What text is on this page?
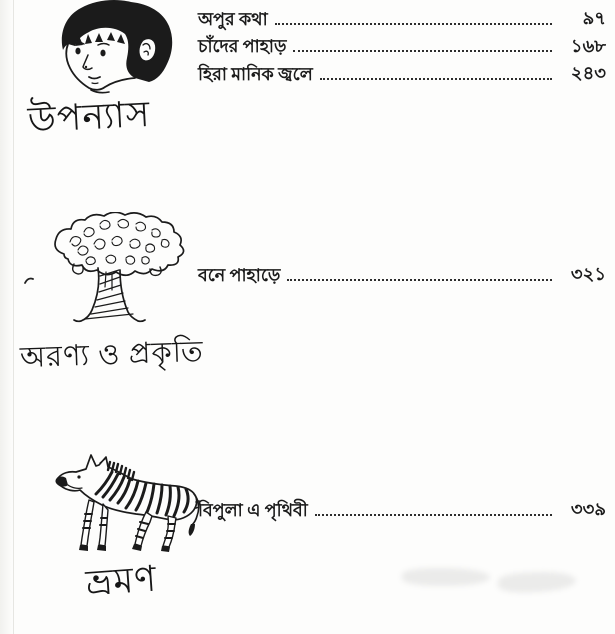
উপন্যাস
অপুর কথা	৯৭
চাঁদের পাহাড়	১৬৮
হিরা মানিক জ্বলে	২৪৩
অরণ্য ও প্রকৃতি
বনে পাহাড়ে	৩২১
ভ্রমণ
বিপুলা এ পৃথিবী	৩৩৯
